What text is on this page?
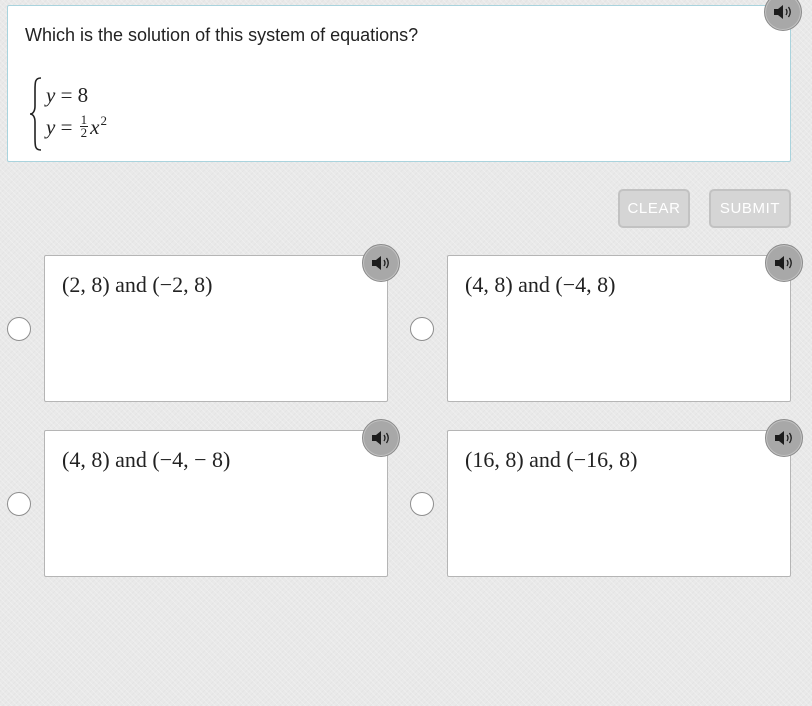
Which is the solution of this system of equations?
y = 8
$y = \frac{1}{2} x^2$
CLEAR	SUBMIT
(2, 8) and (−2, 8)	(4, 8) and (−4, 8)
(4, 8) and (−4, − 8)	(16, 8) and (−16, 8)
